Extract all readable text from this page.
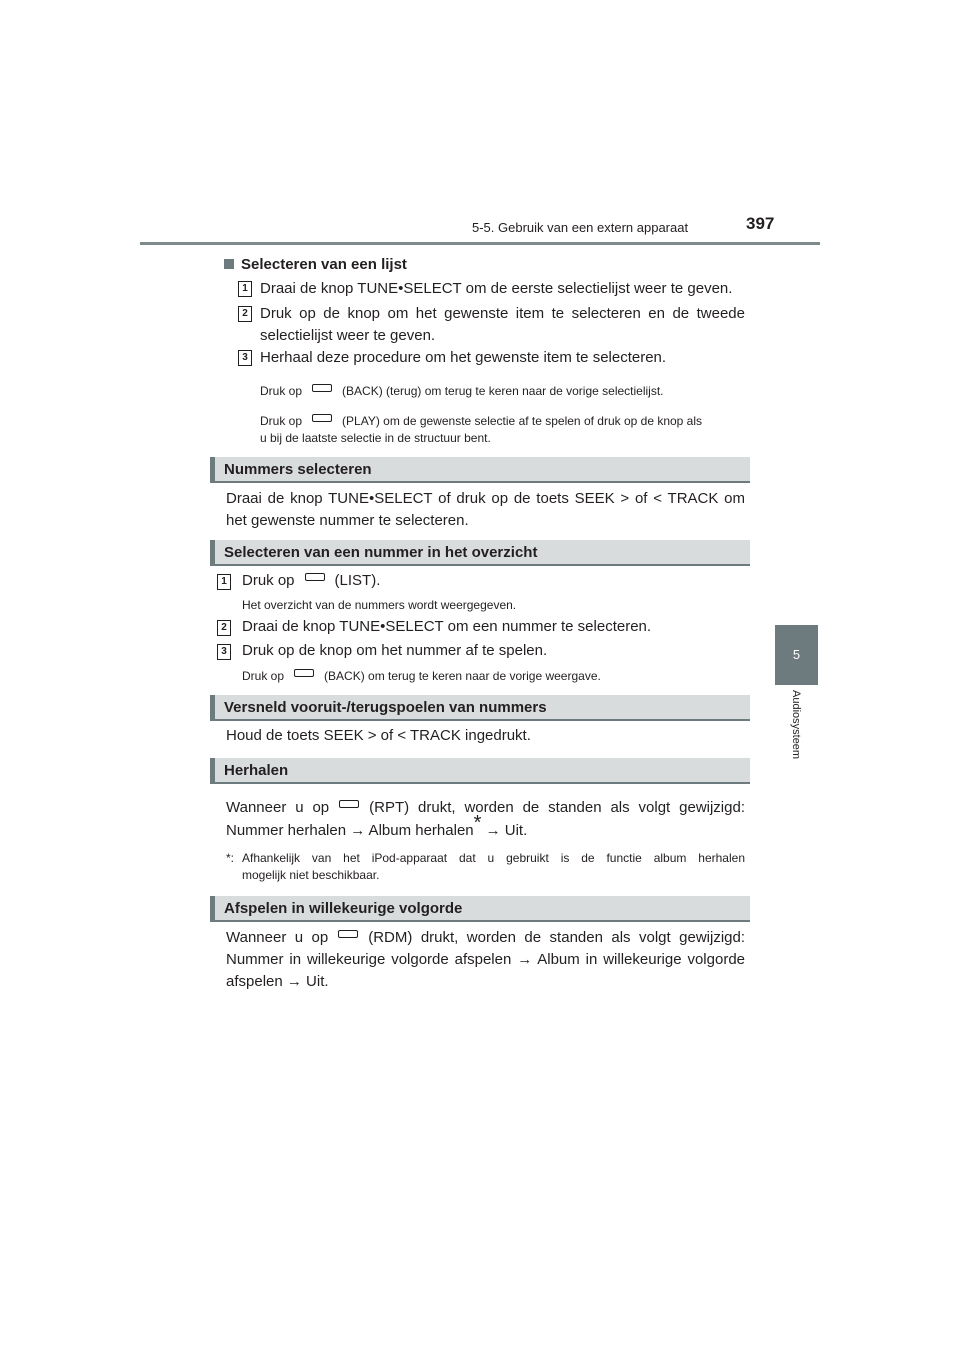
5-5. Gebruik van een extern apparaat	397
5
Audiosysteem
Selecteren van een lijst
1 Draai de knop TUNE•SELECT om de eerste selectielijst weer te geven.
2 Druk op de knop om het gewenste item te selecteren en de tweede
selectielijst weer te geven.
3 Herhaal deze procedure om het gewenste item te selecteren.
Druk op	(BACK) (terug) om terug te keren naar de vorige selectielijst.
Druk op	(PLAY) om de gewenste selectie af te spelen of druk op de knop als
u bij de laatste selectie in de structuur bent.
Nummers selecteren
Draai de knop TUNE•SELECT of druk op de toets SEEK > of < TRACK om
het gewenste nummer te selecteren.
Selecteren van een nummer in het overzicht
1 Druk op	(LIST).
Het overzicht van de nummers wordt weergegeven.
2 Draai de knop TUNE•SELECT om een nummer te selecteren.
3 Druk op de knop om het nummer af te spelen.
Druk op	(BACK) om terug te keren naar de vorige weergave.
Versneld vooruit-/terugspoelen van nummers
Houd de toets SEEK > of < TRACK ingedrukt.
Herhalen
Wanneer u op	(RPT) drukt, worden de standen als volgt gewijzigd:
Nummer herhalen → Album herhalen* → Uit.
*: Afhankelijk van het iPod-apparaat dat u gebruikt is de functie album herhalen
mogelijk niet beschikbaar.
Afspelen in willekeurige volgorde
Wanneer u op	(RDM) drukt, worden de standen als volgt gewijzigd:
Nummer in willekeurige volgorde afspelen → Album in willekeurige volgorde
afspelen → Uit.
